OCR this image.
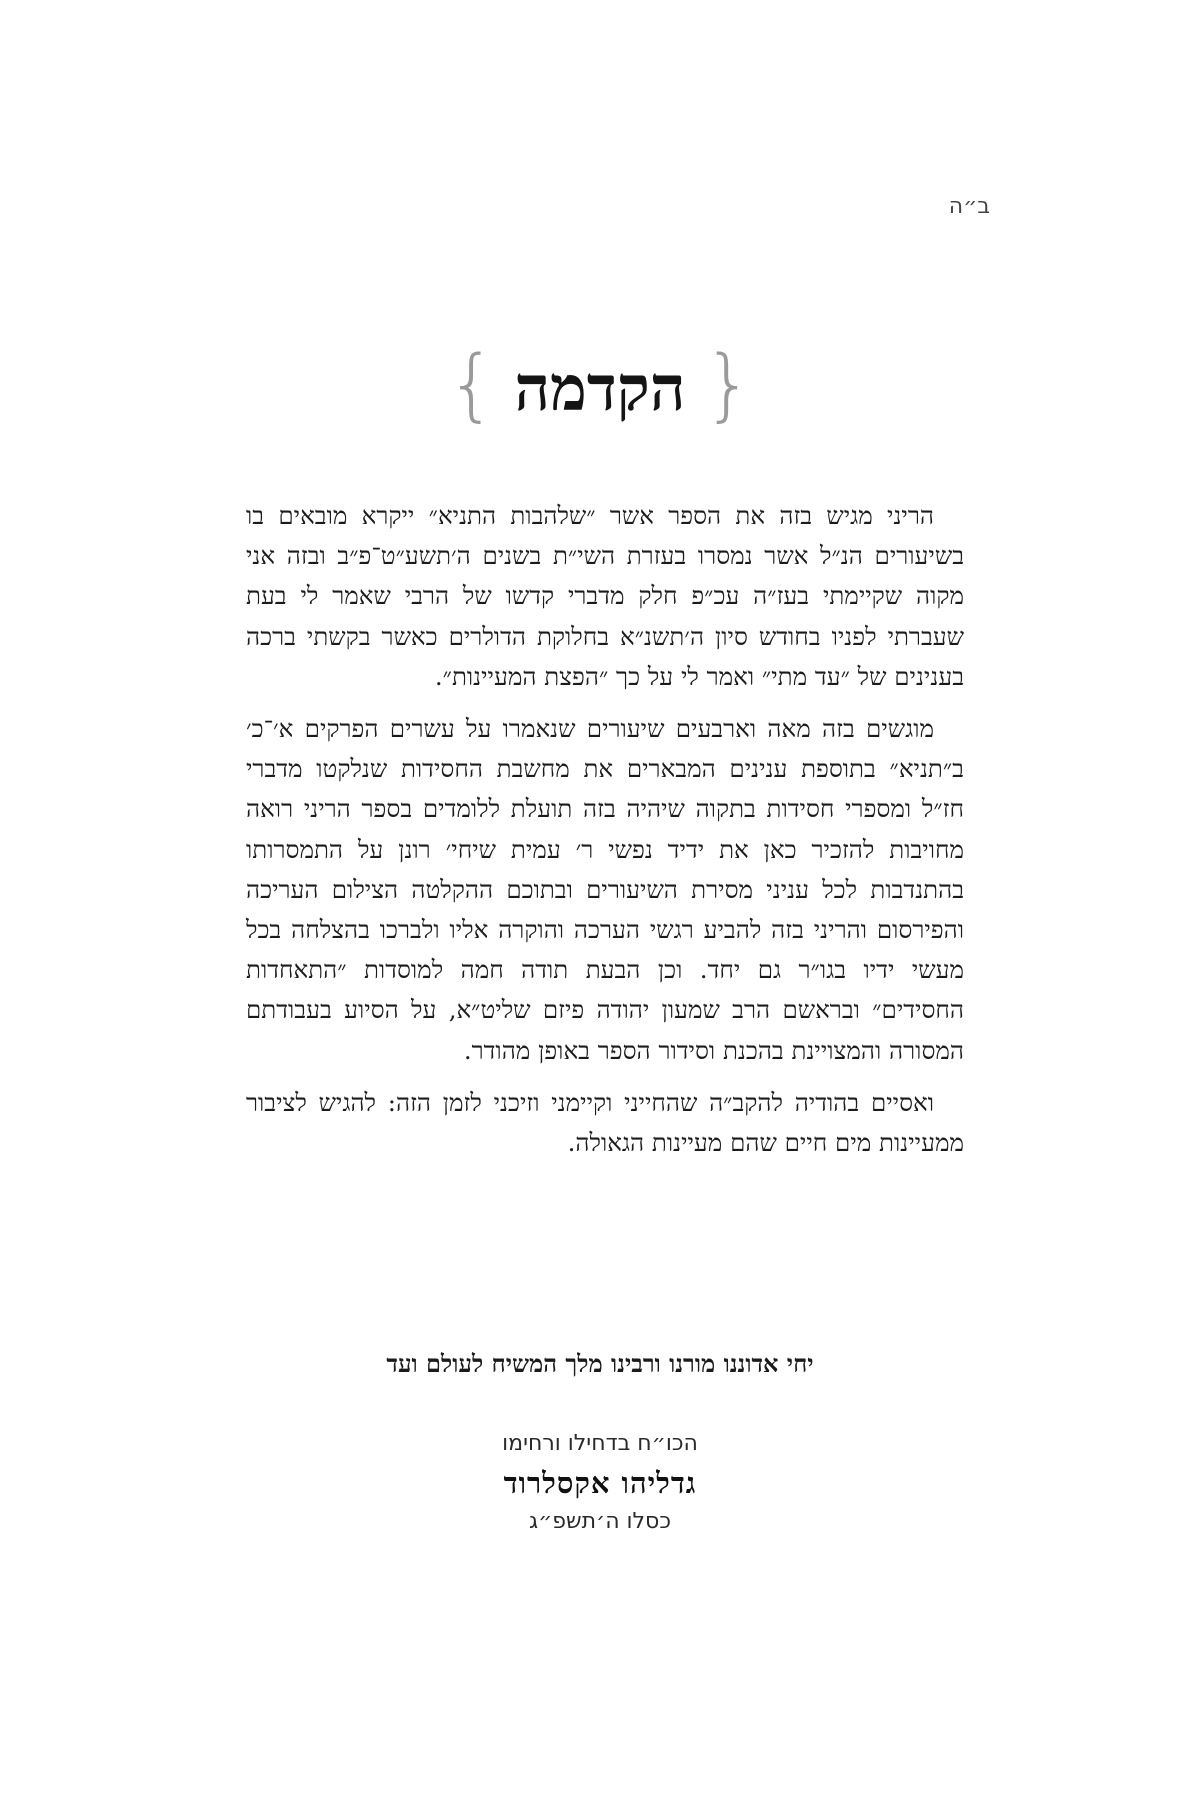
ב״ה
{הקדמה}

הריני מגיש בזה את הספר אשר ״שלהבות התניא״ ייקרא מובאים בו בשיעורים הנ״ל אשר נמסרו בעזרת השי״ת בשנים ה׳תשע״ט־פ״ב ובזה אני מקוה שקיימתי בעז״ה עכ״פ חלק מדברי קדשו של הרבי שאמר לי בעת שעברתי לפניו בחודש סיון ה׳תשנ״א בחלוקת הדולרים כאשר בקשתי ברכה בענינים של ״עד מתי״ ואמר לי על כך ״הפצת המעיינות״.

מוגשים בזה מאה וארבעים שיעורים שנאמרו על עשרים הפרקים א׳־כ׳ ב״תניא״ בתוספת ענינים המבארים את מחשבת החסידות שנלקטו מדברי חז״ל ומספרי חסידות בתקוה שיהיה בזה תועלת ללומדים בספר הריני רואה מחויבות להזכיר כאן את ידיד נפשי ר׳ עמית שיחי׳ רונן על התמסרותו בהתנדבות לכל עניני מסירת השיעורים ובתוכם ההקלטה הצילום העריכה והפירסום והריני בזה להביע רגשי הערכה והוקרה אליו ולברכו בהצלחה בכל מעשי ידיו בגו״ר גם יחד. וכן הבעת תודה חמה למוסדות ״התאחדות החסידים״ ובראשם הרב שמעון יהודה פיזם שליט״א, על הסיוע בעבודתם המסורה והמצויינת בהכנת וסידור הספר באופן מהודר.

ואסיים בהודיה להקב״ה שהחייני וקיימני וזיכני לזמן הזה: להגיש לציבור ממעיינות מים חיים שהם מעיינות הגאולה.

יחי אדוננו מורנו ורבינו מלך המשיח לעולם ועד
הכו״ח בדחילו ורחימו
גדליהו אקסלרוד
כסלו ה׳תשפ״ג
